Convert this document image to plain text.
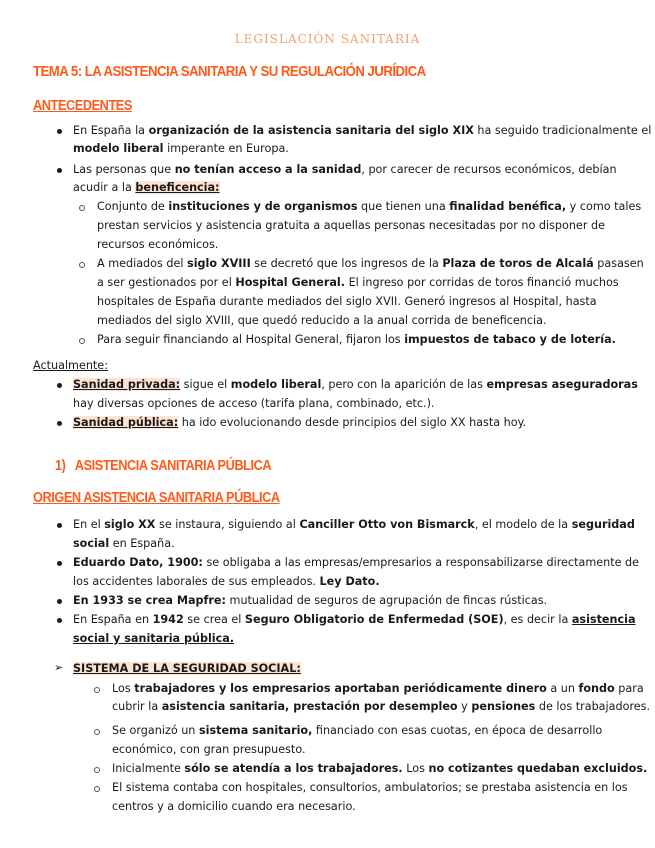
LEGISLACIÓN SANITARIA
TEMA 5: LA ASISTENCIA SANITARIA Y SU REGULACIÓN JURÍDICA
ANTECEDENTES
En España la organización de la asistencia sanitaria del siglo XIX ha seguido tradicionalmente el
modelo liberal imperante en Europa.
Las personas que no tenían acceso a la sanidad, por carecer de recursos económicos, debían
acudir a la beneficencia:
Conjunto de instituciones y de organismos que tienen una finalidad benéfica, y como tales
prestan servicios y asistencia gratuita a aquellas personas necesitadas por no disponer de
recursos económicos.
A mediados del siglo XVIII se decretó que los ingresos de la Plaza de toros de Alcalá pasasen
a ser gestionados por el Hospital General. El ingreso por corridas de toros financió muchos
hospitales de España durante mediados del siglo XVII. Generó ingresos al Hospital, hasta
mediados del siglo XVIII, que quedó reducido a la anual corrida de beneficencia.
Para seguir financiando al Hospital General, fijaron los impuestos de tabaco y de lotería.
Actualmente:
Sanidad privada: sigue el modelo liberal, pero con la aparición de las empresas aseguradoras
hay diversas opciones de acceso (tarifa plana, combinado, etc.).
Sanidad pública: ha ido evolucionando desde principios del siglo XX hasta hoy.
1) ASISTENCIA SANITARIA PÚBLICA
ORIGEN ASISTENCIA SANITARIA PÚBLICA
En el siglo XX se instaura, siguiendo al Canciller Otto von Bismarck, el modelo de la seguridad
social en España.
Eduardo Dato, 1900: se obligaba a las empresas/empresarios a responsabilizarse directamente de
los accidentes laborales de sus empleados. Ley Dato.
En 1933 se crea Mapfre: mutualidad de seguros de agrupación de fincas rústicas.
En España en 1942 se crea el Seguro Obligatorio de Enfermedad (SOE), es decir la asistencia
social y sanitaria pública.
➢ SISTEMA DE LA SEGURIDAD SOCIAL:
Los trabajadores y los empresarios aportaban periódicamente dinero a un fondo para
cubrir la asistencia sanitaria, prestación por desempleo y pensiones de los trabajadores.
Se organizó un sistema sanitario, financiado con esas cuotas, en época de desarrollo
económico, con gran presupuesto.
Inicialmente sólo se atendía a los trabajadores. Los no cotizantes quedaban excluidos.
El sistema contaba con hospitales, consultorios, ambulatorios; se prestaba asistencia en los
centros y a domicilio cuando era necesario.
